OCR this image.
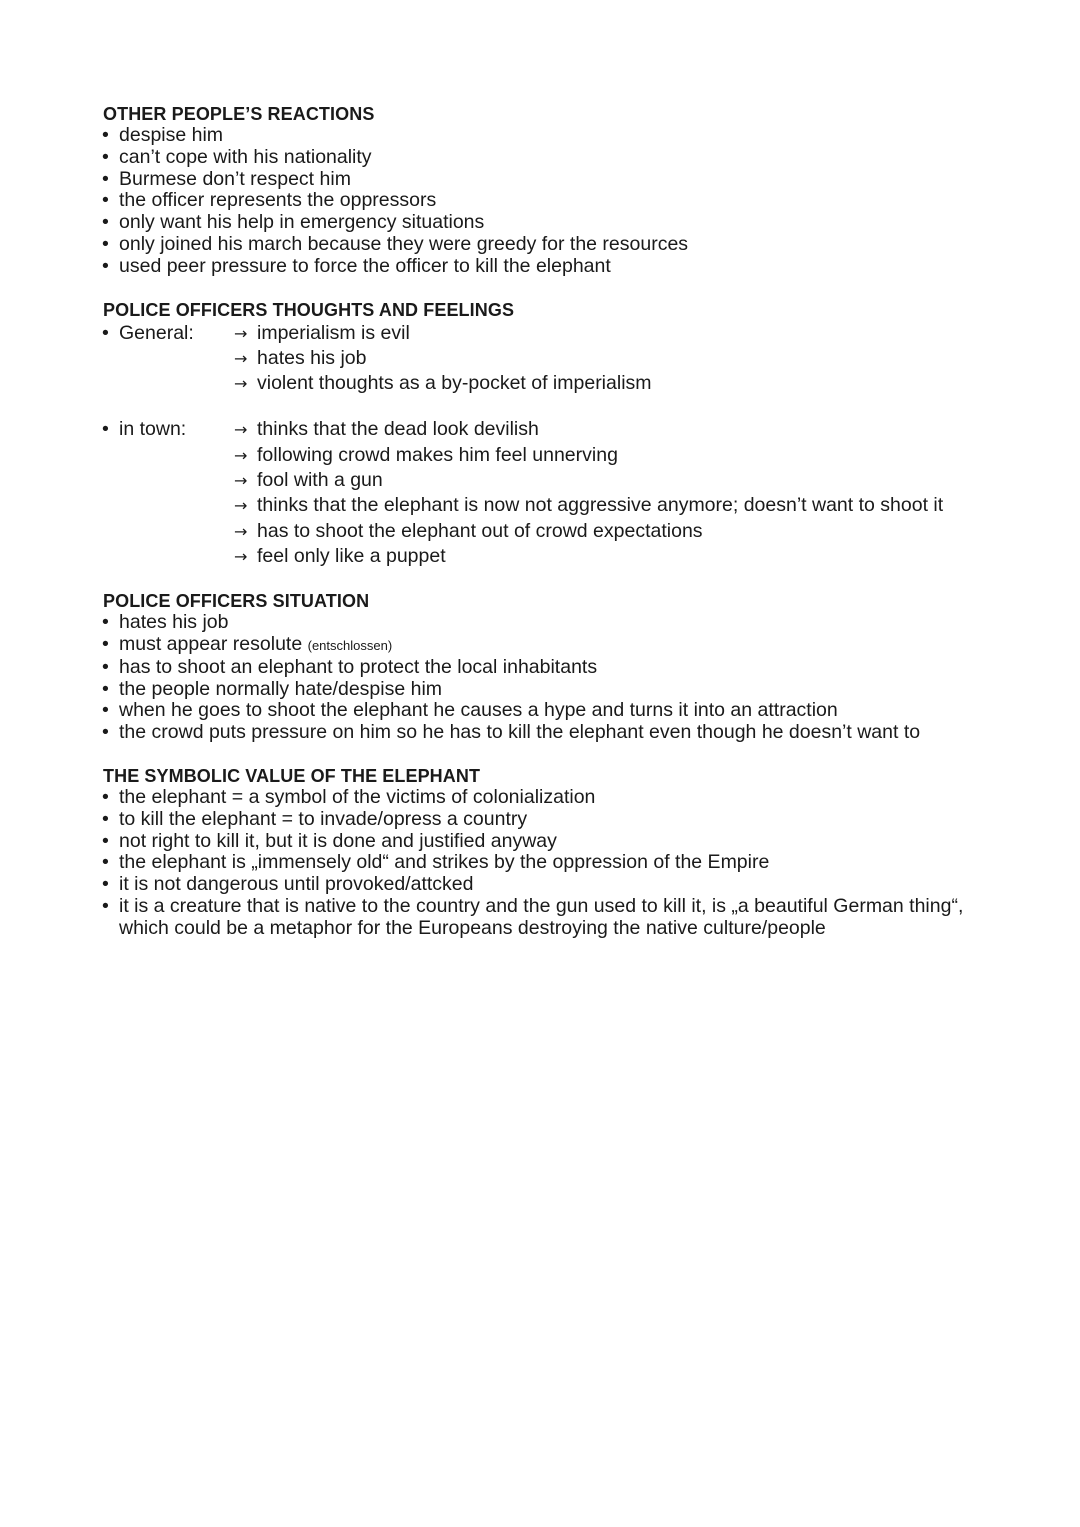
OTHER PEOPLE’S REACTIONS
• despise him
• can’t cope with his nationality
• Burmese don’t respect him
• the officer represents the oppressors
• only want his help in emergency situations
• only joined his march because they were greedy for the resources
• used peer pressure to force the officer to kill the elephant
POLICE OFFICERS THOUGHTS AND FEELINGS
• General:	→ imperialism is evil
→ hates his job
→ violent thoughts as a by-pocket of imperialism
• in town:	→ thinks that the dead look devilish
→ following crowd makes him feel unnerving
→ fool with a gun
→ thinks that the elephant is now not aggressive anymore; doesn’t want to shoot it
→ has to shoot the elephant out of crowd expectations
→ feel only like a puppet
POLICE OFFICERS SITUATION
• hates his job
• must appear resolute (entschlossen)
• has to shoot an elephant to protect the local inhabitants
• the people normally hate/despise him
• when he goes to shoot the elephant he causes a hype and turns it into an attraction
• the crowd puts pressure on him so he has to kill the elephant even though he doesn’t want to
THE SYMBOLIC VALUE OF THE ELEPHANT
• the elephant = a symbol of the victims of colonialization
• to kill the elephant = to invade/opress a country
• not right to kill it, but it is done and justified anyway
• the elephant is „immensely old“ and strikes by the oppression of the Empire
• it is not dangerous until provoked/attcked
• it is a creature that is native to the country and the gun used to kill it, is „a beautiful German thing“, which could be a metaphor for the Europeans destroying the native culture/people
